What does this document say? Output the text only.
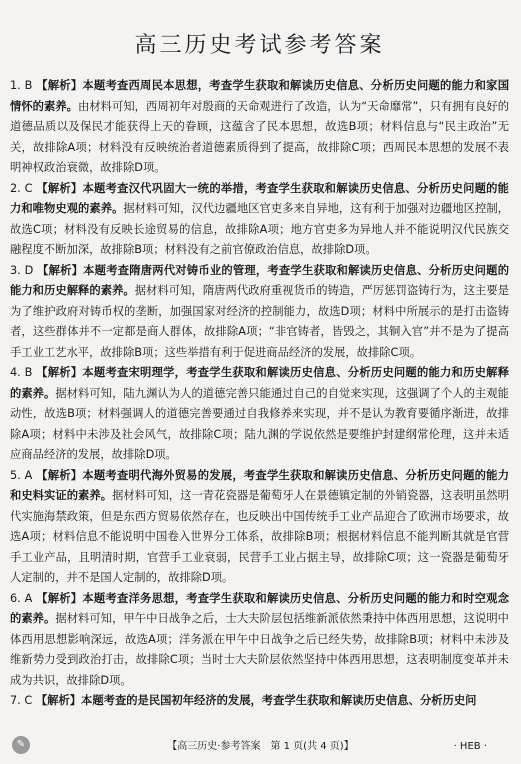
高三历史考试参考答案

1. B 【解析】本题考查西周民本思想，考查学生获取和解读历史信息、分析历史问题的能力和家国情怀的素养。由材料可知，西周初年对殷商的天命观进行了改造，认为“天命靡常”，只有拥有良好的道德品质以及保民才能获得上天的眷顾，这蕴含了民本思想，故选B项；材料信息与“民主政治”无关，故排除A项；材料没有反映统治者道德素质得到了提高，故排除C项；西周民本思想的发展不表明神权政治衰微，故排除D项。

2. C 【解析】本题考查汉代巩固大一统的举措，考查学生获取和解读历史信息、分析历史问题的能力和唯物史观的素养。据材料可知，汉代边疆地区官吏多来自异地，这有利于加强对边疆地区控制，故选C项；材料没有反映长途贸易的信息，故排除A项；地方官吏多为异地人并不能说明汉代民族交融程度不断加深，故排除B项；材料没有之前官僚政治信息，故排除D项。

3. D 【解析】本题考查隋唐两代对铸币业的管理，考查学生获取和解读历史信息、分析历史问题的能力和历史解释的素养。据材料可知，隋唐两代政府重视货币的铸造，严厉惩罚盗铸行为，这主要是为了维护政府对铸币权的垄断，加强国家对经济的控制能力，故选D项；材料中所展示的是打击盗铸者，这些群体并不一定都是商人群体，故排除A项；“非官铸者，皆毁之，其铜入官”并不是为了提高手工业工艺水平，故排除B项；这些举措有利于促进商品经济的发展，故排除C项。

4. B 【解析】本题考查宋明理学，考查学生获取和解读历史信息、分析历史问题的能力和历史解释的素养。据材料可知，陆九渊认为人的道德完善只能通过自己的自觉来实现，这强调了个人的主观能动性，故选B项；材料强调人的道德完善要通过自我修养来实现，并不是认为教育要循序渐进，故排除A项；材料中未涉及社会风气，故排除C项；陆九渊的学说依然是要维护封建纲常伦理，这并未适应商品经济的发展，故排除D项。

5. A 【解析】本题考查明代海外贸易的发展，考查学生获取和解读历史信息、分析历史问题的能力和史料实证的素养。据材料可知，这一青花瓷器是葡萄牙人在景德镇定制的外销瓷器，这表明虽然明代实施海禁政策，但是东西方贸易依然存在，也反映出中国传统手工业产品迎合了欧洲市场要求，故选A项；材料信息不能说明中国卷入世界分工体系，故排除B项；根据材料信息不能判断其就是官营手工业产品，且明清时期，官营手工业衰弱，民营手工业占据主导，故排除C项；这一瓷器是葡萄牙人定制的，并不是国人定制的，故排除D项。

6. A 【解析】本题考查洋务思想，考查学生获取和解读历史信息、分析历史问题的能力和时空观念的素养。据材料可知，甲午中日战争之后，士大夫阶层包括维新派依然秉持中体西用思想，这说明中体西用思想影响深远，故选A项；洋务派在甲午中日战争之后已经失势，故排除B项；材料中未涉及维新势力受到政治打击，故排除C项；当时士大夫阶层依然坚持中体西用思想，这表明制度变革并未成为共识，故排除D项。

7. C 【解析】本题考查的是民国初年经济的发展，考查学生获取和解读历史信息、分析历史问

✎	【高三历史·参考答案　第 1 页(共 4 页)】	· HEB ·
